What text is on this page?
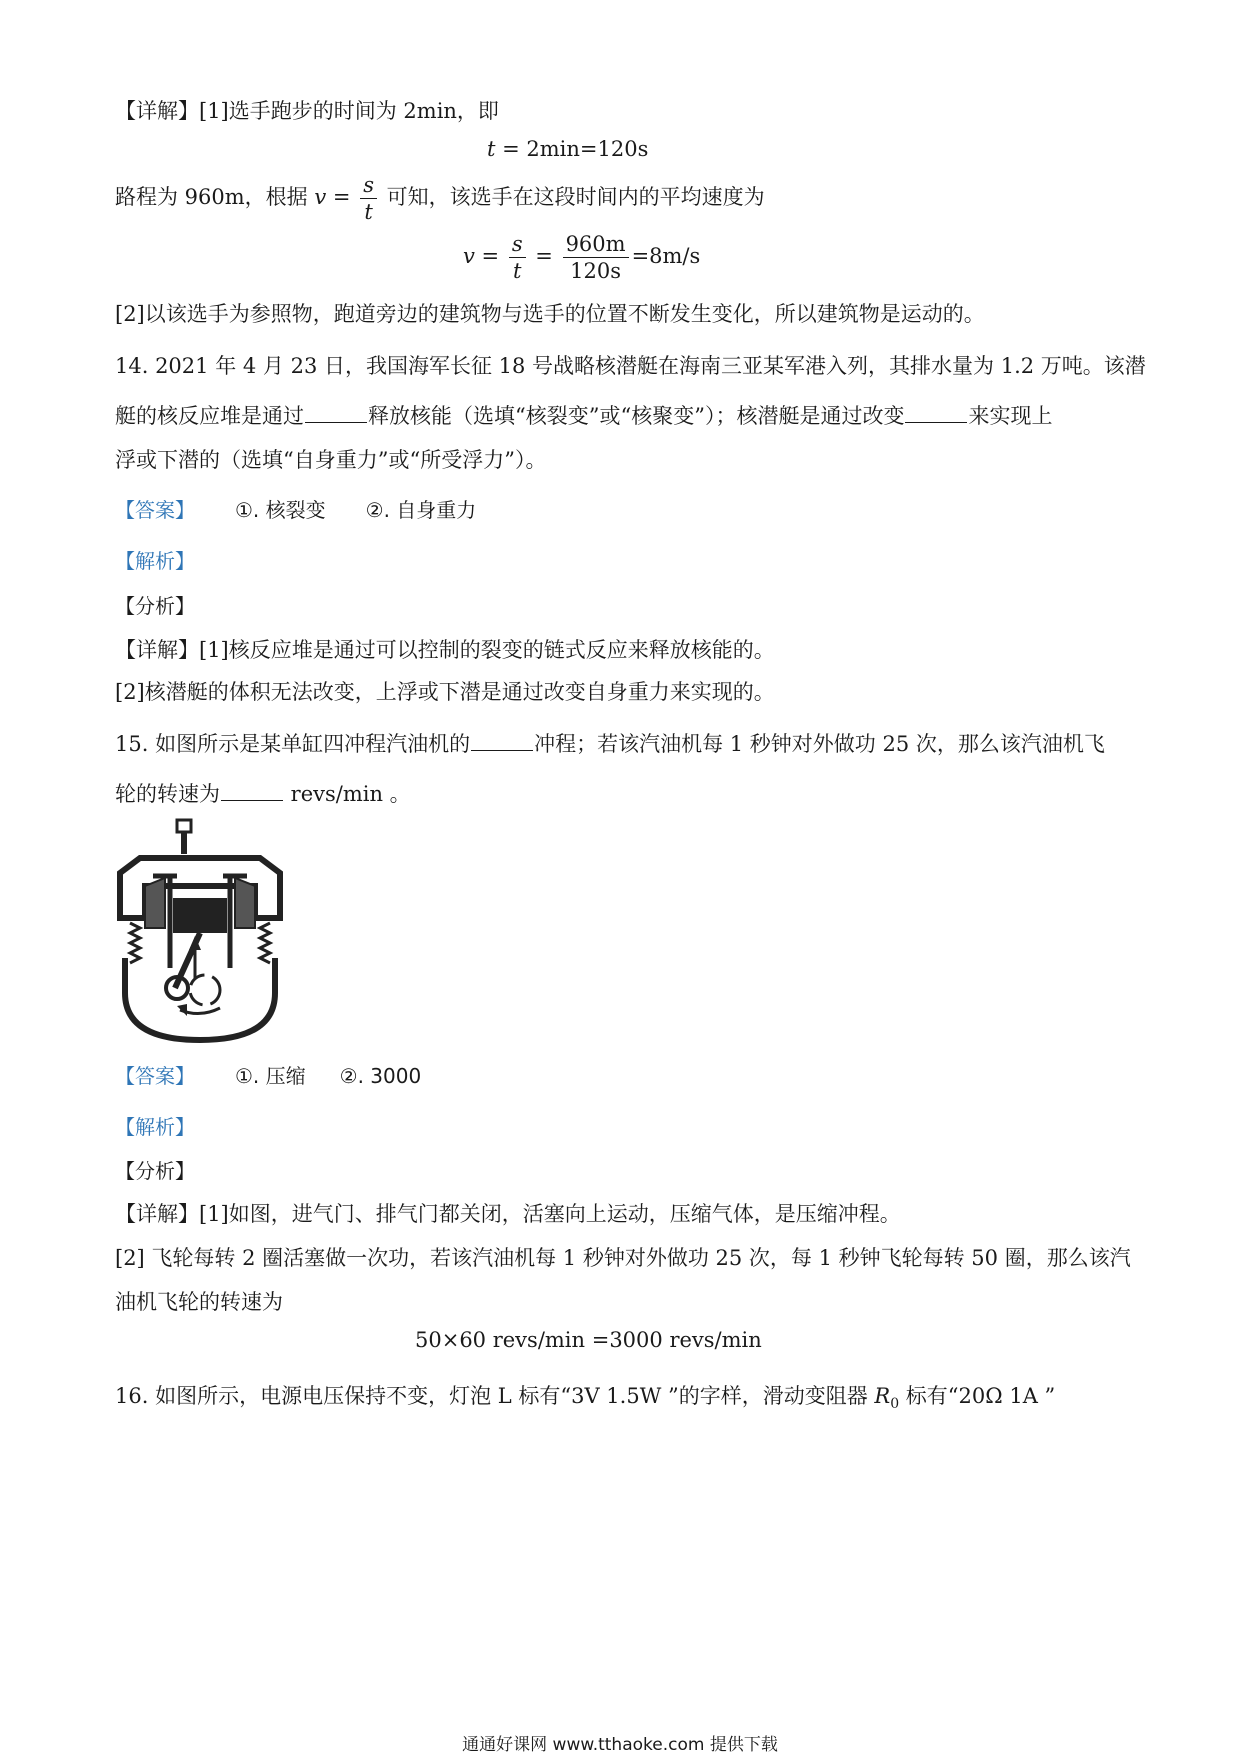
【详解】[1]选手跑步的时间为 2min，即
t = 2min=120s
路程为 960m，根据 $v = \frac{s}{t}$ 可知，该选手在这段时间内的平均速度为
$v = \frac{s}{t} = \frac{960m}{120s} =8m/s$
[2]以该选手为参照物，跑道旁边的建筑物与选手的位置不断发生变化，所以建筑物是运动的。
14. 2021 年 4 月 23 日，我国海军长征 18 号战略核潜艇在海南三亚某军港入列，其排水量为 1.2 万吨。该潜
艇的核反应堆是通过	释放核能（选填“核裂变”或“核聚变”）；核潜艇是通过改变	来实现上
浮或下潜的（选填“自身重力”或“所受浮力”）。
【答案】 ①. 核裂变 ②. 自身重力
【解析】
【分析】
【详解】[1]核反应堆是通过可以控制的裂变的链式反应来释放核能的。
[2]核潜艇的体积无法改变，上浮或下潜是通过改变自身重力来实现的。
15. 如图所示是某单缸四冲程汽油机的	冲程；若该汽油机每 1 秒钟对外做功 25 次，那么该汽油机飞
轮的转速为	revs/min 。
【答案】 ①. 压缩 ②. 3000
【解析】
【分析】
【详解】[1]如图，进气门、排气门都关闭，活塞向上运动，压缩气体，是压缩冲程。
[2] 飞轮每转 2 圈活塞做一次功，若该汽油机每 1 秒钟对外做功 25 次，每 1 秒钟飞轮每转 50 圈，那么该汽
油机飞轮的转速为
50×60 revs/min =3000 revs/min
16. 如图所示，电源电压保持不变，灯泡 L 标有“3V 1.5W ”的字样，滑动变阻器 $R_0$ 标有“20Ω 1A ”
通通好课网 www.tthaoke.com 提供下载
